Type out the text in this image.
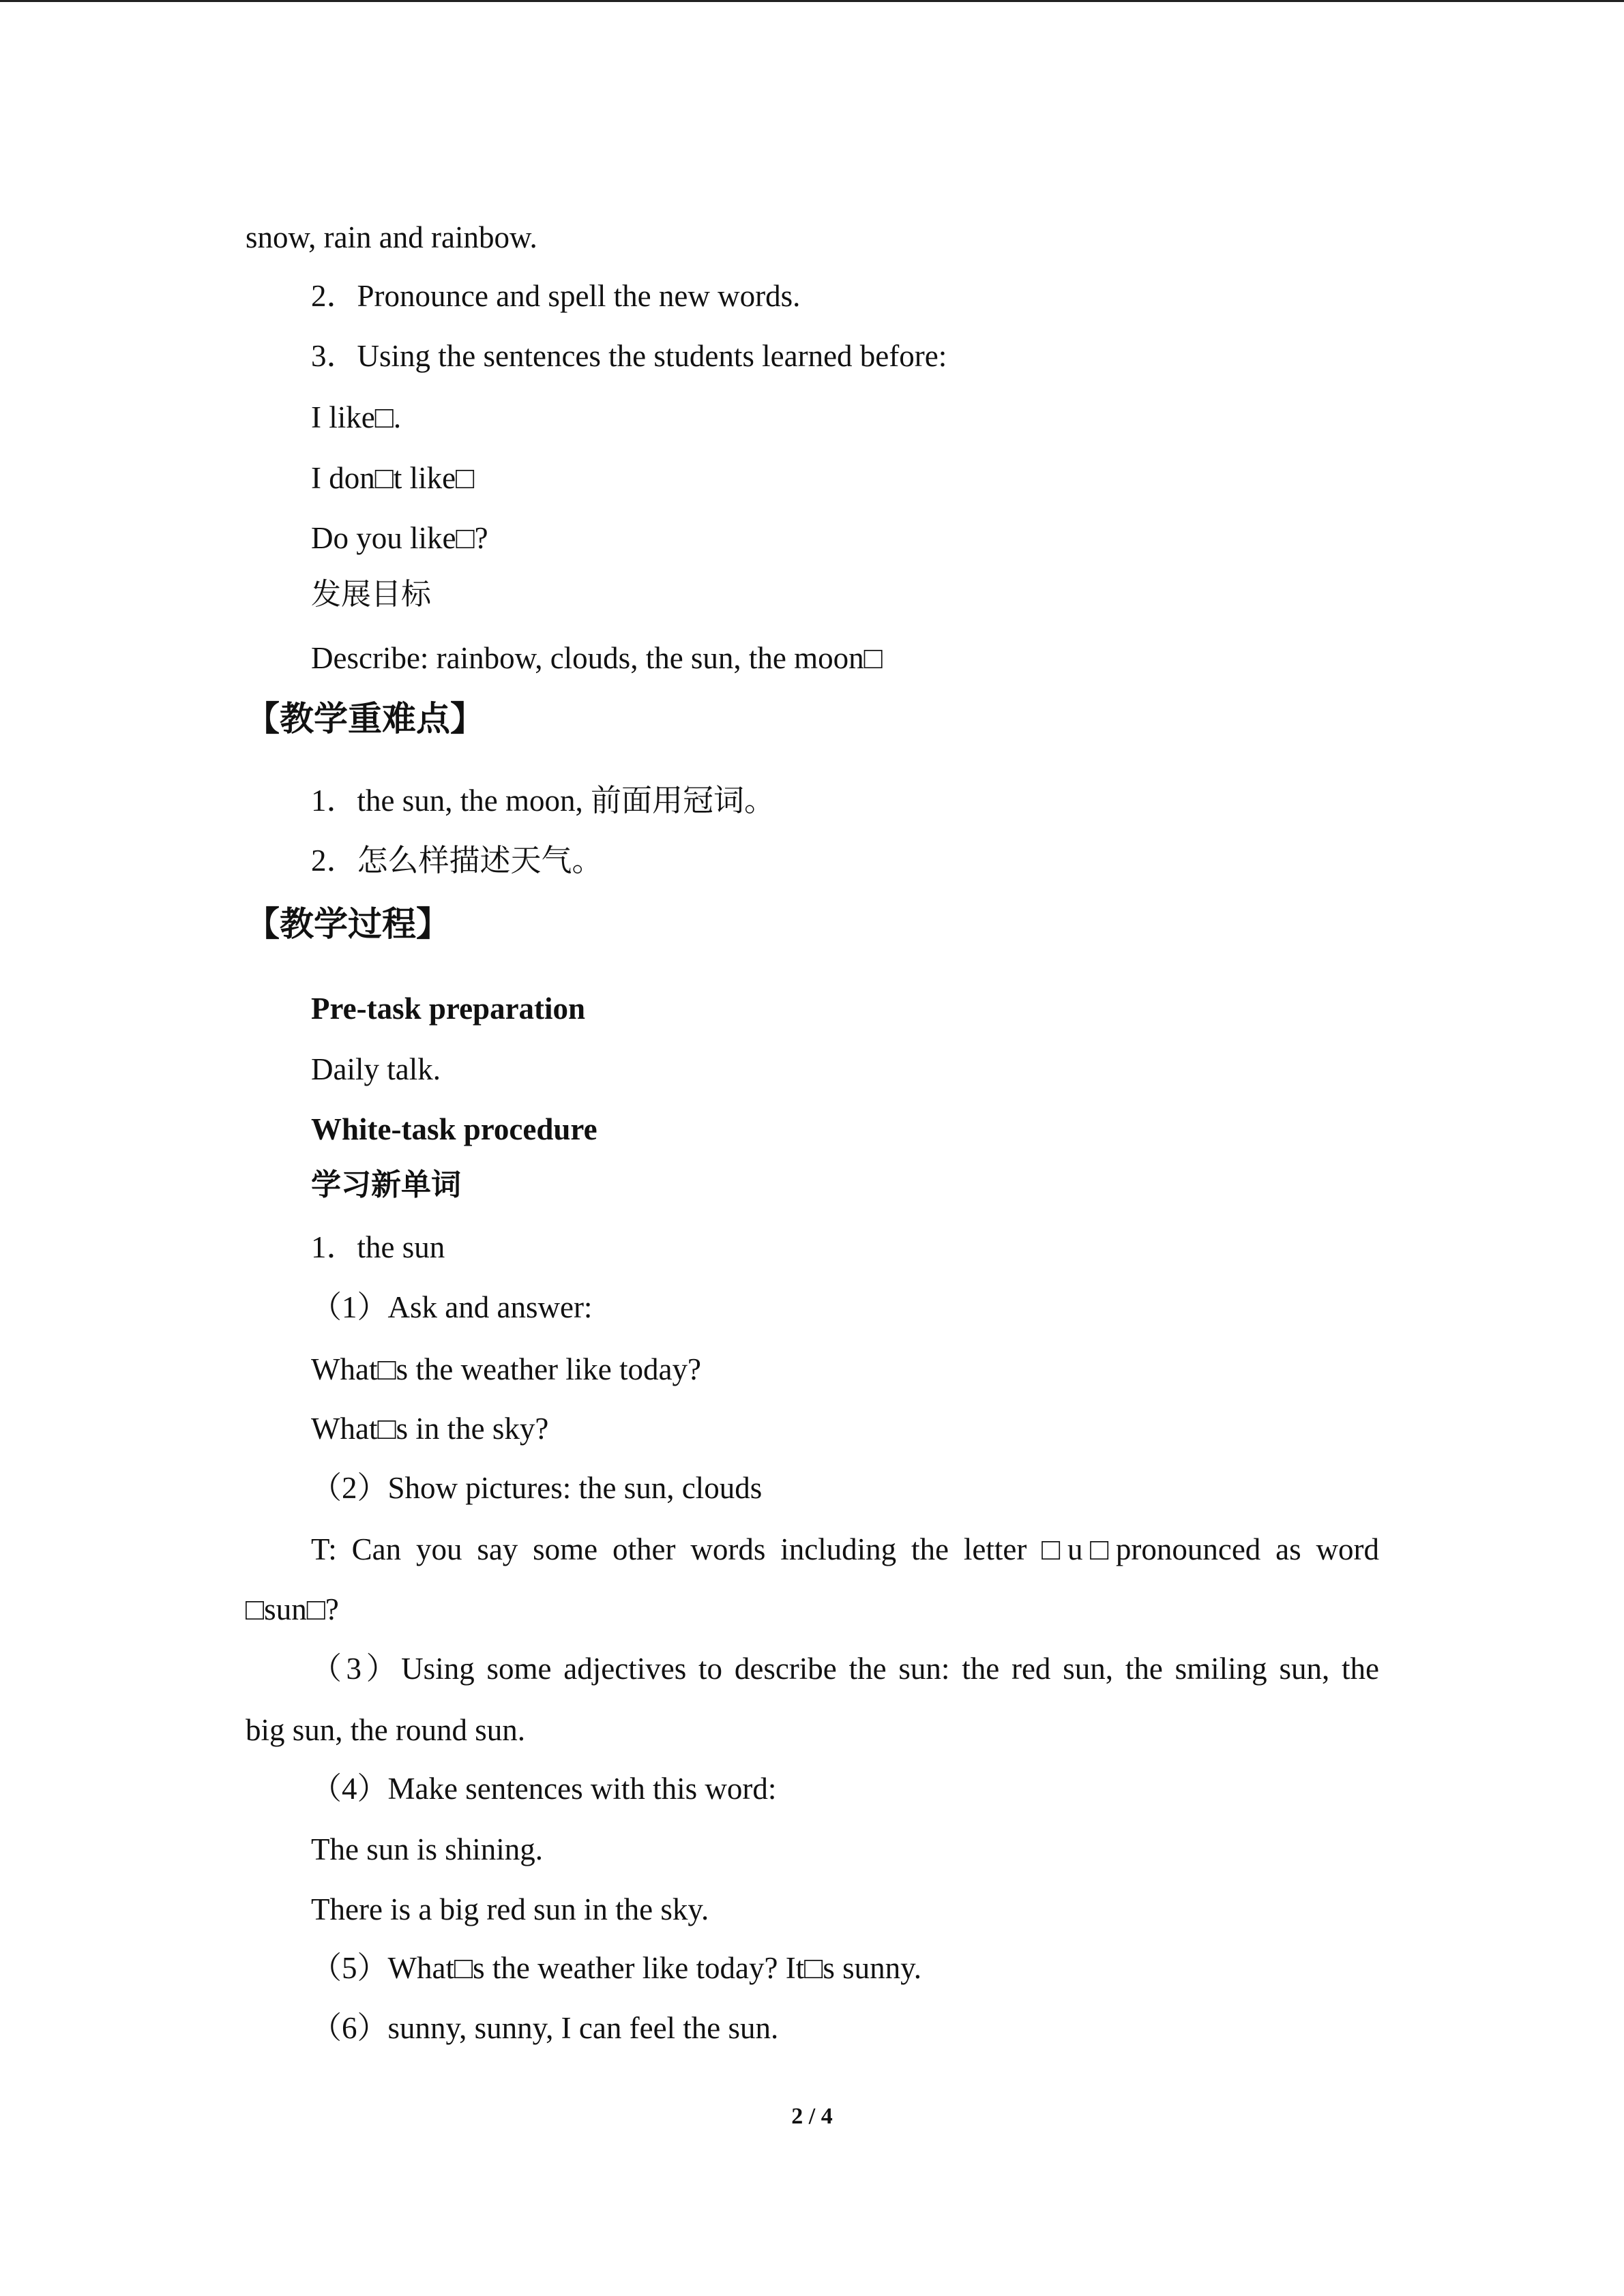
snow, rain and rainbow.
2．Pronounce and spell the new words.
3．Using the sentences the students learned before:
I like□.
I don□t like□
Do you like□?
发展目标
Describe: rainbow, clouds, the sun, the moon□
【教学重难点】
1．the sun, the moon, 前面用冠词。
2．怎么样描述天气。
【教学过程】
Pre-task preparation
Daily talk.
White-task procedure
学习新单词
1．the sun
（1）Ask and answer:
What□s the weather like today?
What□s in the sky?
（2）Show pictures: the sun, clouds
T: Can you say some other words including the letter □u□pronounced as word
□sun□?
（3）Using some adjectives to describe the sun: the red sun, the smiling sun, the
big sun, the round sun.
（4）Make sentences with this word:
The sun is shining.
There is a big red sun in the sky.
（5）What□s the weather like today? It□s sunny.
（6）sunny, sunny, I can feel the sun.
2 / 4
